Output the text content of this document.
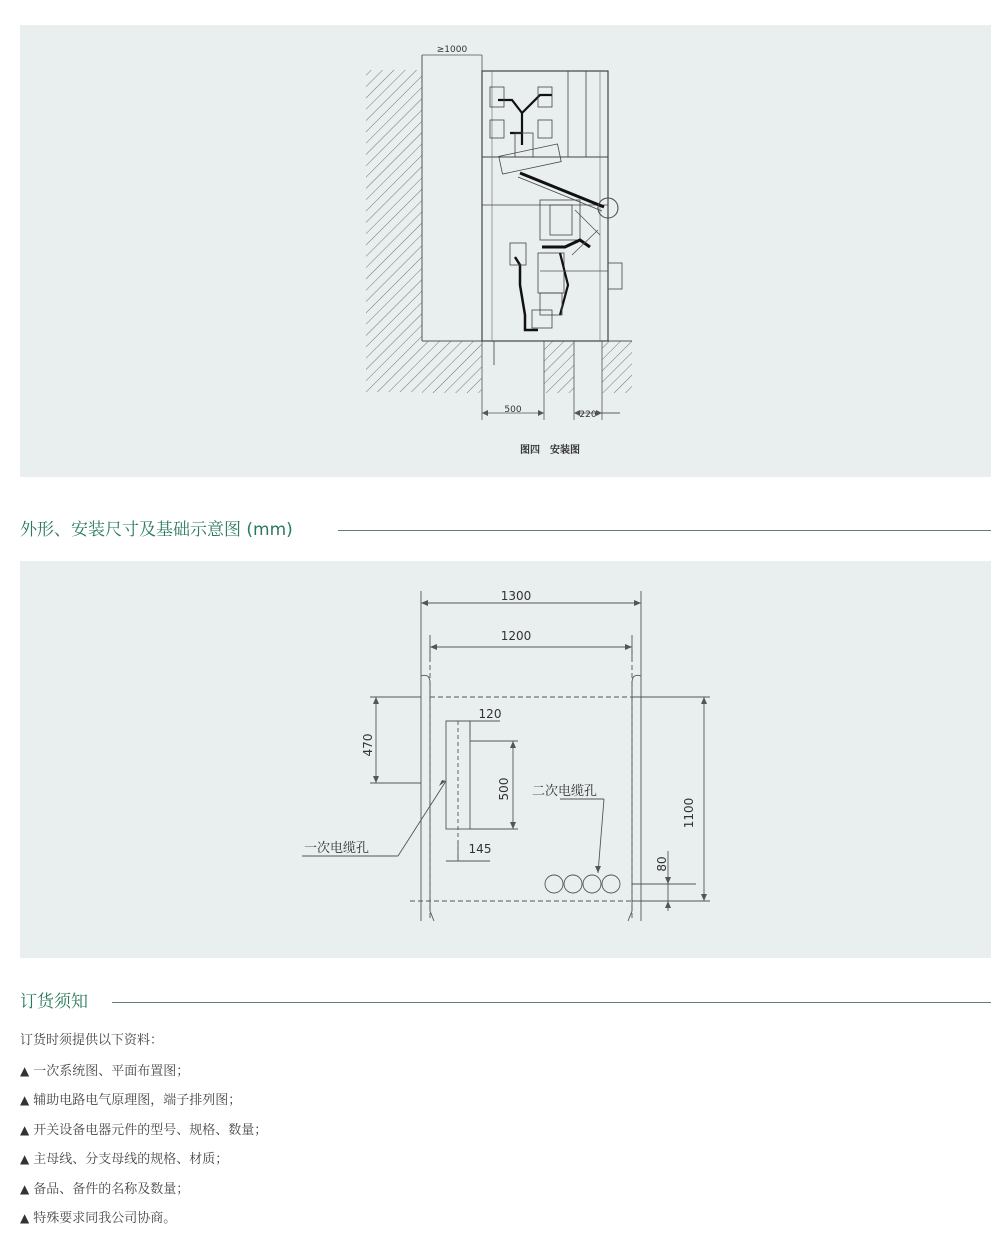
≥1000
500	220
图四　安装图
外形、安装尺寸及基础示意图 (mm)
1300
1200
470
120
500
145
1100
80
一次电缆孔
二次电缆孔
订货须知
订货时须提供以下资料：
▲ 一次系统图、平面布置图；
▲ 辅助电路电气原理图，端子排列图；
▲ 开关设备电器元件的型号、规格、数量；
▲ 主母线、分支母线的规格、材质；
▲ 备品、备件的名称及数量；
▲ 特殊要求同我公司协商。
